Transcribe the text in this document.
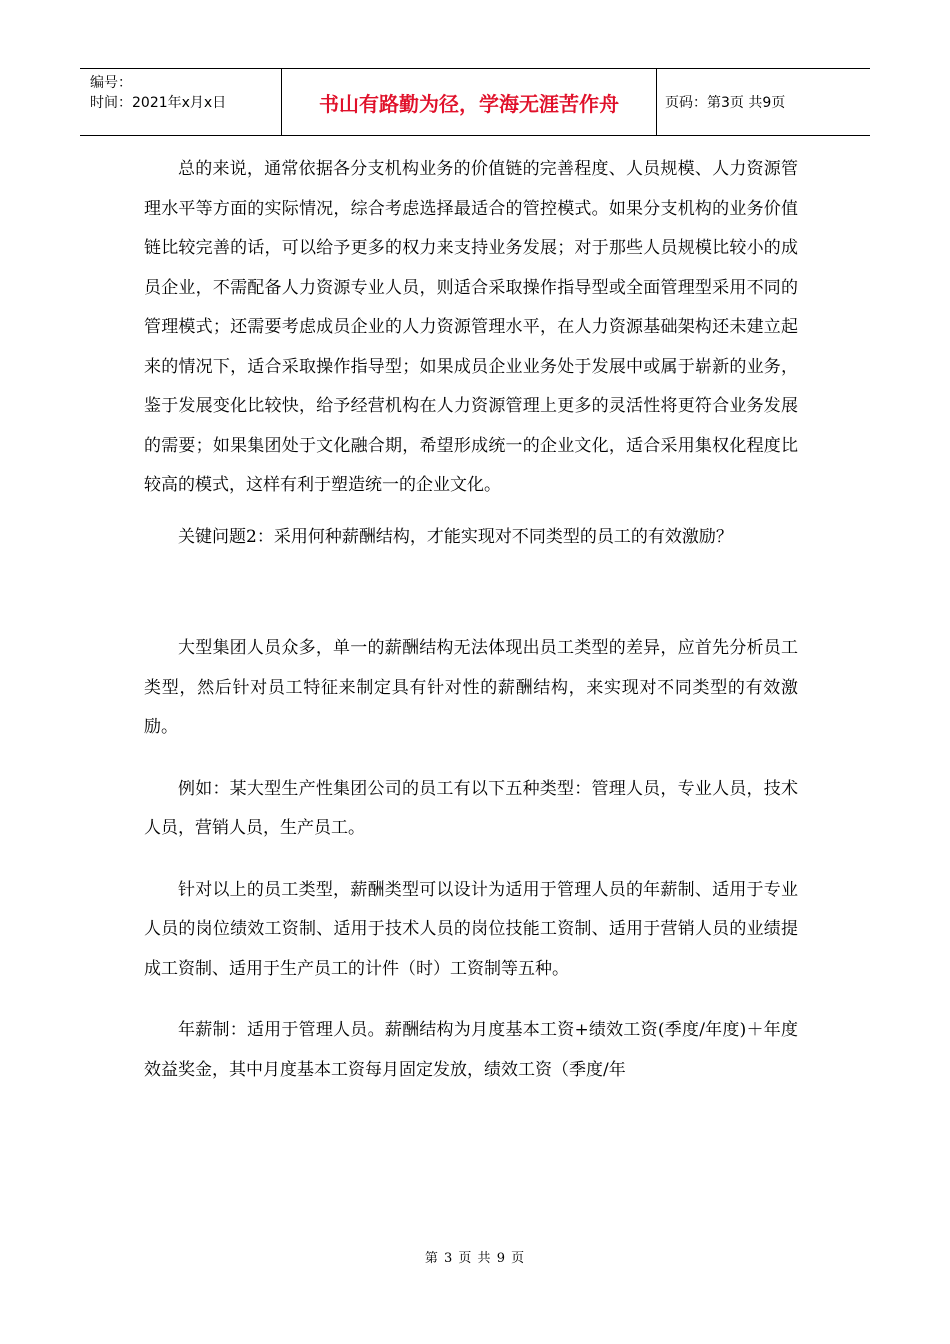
编号：
时间：2021年x月x日	书山有路勤为径，学海无涯苦作舟	页码：第3页 共9页

总的来说，通常依据各分支机构业务的价值链的完善程度、人员规模、人力资源管理水平等方面的实际情况，综合考虑选择最适合的管控模式。如果分支机构的业务价值链比较完善的话，可以给予更多的权力来支持业务发展；对于那些人员规模比较小的成员企业，不需配备人力资源专业人员，则适合采取操作指导型或全面管理型采用不同的管理模式；还需要考虑成员企业的人力资源管理水平，在人力资源基础架构还未建立起来的情况下，适合采取操作指导型；如果成员企业业务处于发展中或属于崭新的业务，鉴于发展变化比较快，给予经营机构在人力资源管理上更多的灵活性将更符合业务发展的需要；如果集团处于文化融合期，希望形成统一的企业文化，适合采用集权化程度比较高的模式，这样有利于塑造统一的企业文化。

关键问题2：采用何种薪酬结构，才能实现对不同类型的员工的有效激励？

大型集团人员众多，单一的薪酬结构无法体现出员工类型的差异，应首先分析员工类型，然后针对员工特征来制定具有针对性的薪酬结构，来实现对不同类型的有效激励。

例如：某大型生产性集团公司的员工有以下五种类型：管理人员，专业人员，技术人员，营销人员，生产员工。

针对以上的员工类型，薪酬类型可以设计为适用于管理人员的年薪制、适用于专业人员的岗位绩效工资制、适用于技术人员的岗位技能工资制、适用于营销人员的业绩提成工资制、适用于生产员工的计件（时）工资制等五种。

年薪制：适用于管理人员。薪酬结构为月度基本工资+绩效工资(季度/年度)＋年度效益奖金，其中月度基本工资每月固定发放，绩效工资（季度/年

第 3 页 共 9 页
